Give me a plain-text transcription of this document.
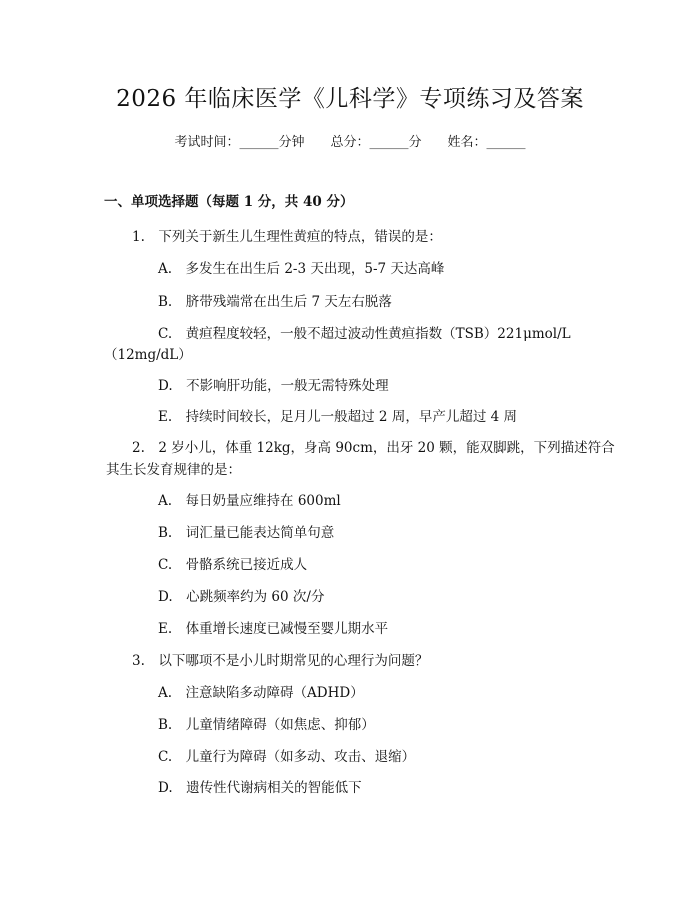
2026 年临床医学《儿科学》专项练习及答案
考试时间：______分钟 总分：______分 姓名：______
一、单项选择题（每题 1 分，共 40 分）
1.　下列关于新生儿生理性黄疸的特点，错误的是：
A.　多发生在出生后 2-3 天出现，5-7 天达高峰
B.　脐带残端常在出生后 7 天左右脱落
C.　黄疸程度较轻，一般不超过波动性黄疸指数（TSB）221μmol/L
（12mg/dL）
D.　不影响肝功能，一般无需特殊处理
E.　持续时间较长，足月儿一般超过 2 周，早产儿超过 4 周
2.　2 岁小儿，体重 12kg，身高 90cm，出牙 20 颗，能双脚跳，下列描述符合
其生长发育规律的是：
A.　每日奶量应维持在 600ml
B.　词汇量已能表达简单句意
C.　骨骼系统已接近成人
D.　心跳频率约为 60 次/分
E.　体重增长速度已减慢至婴儿期水平
3.　以下哪项不是小儿时期常见的心理行为问题？
A.　注意缺陷多动障碍（ADHD）
B.　儿童情绪障碍（如焦虑、抑郁）
C.　儿童行为障碍（如多动、攻击、退缩）
D.　遗传性代谢病相关的智能低下
